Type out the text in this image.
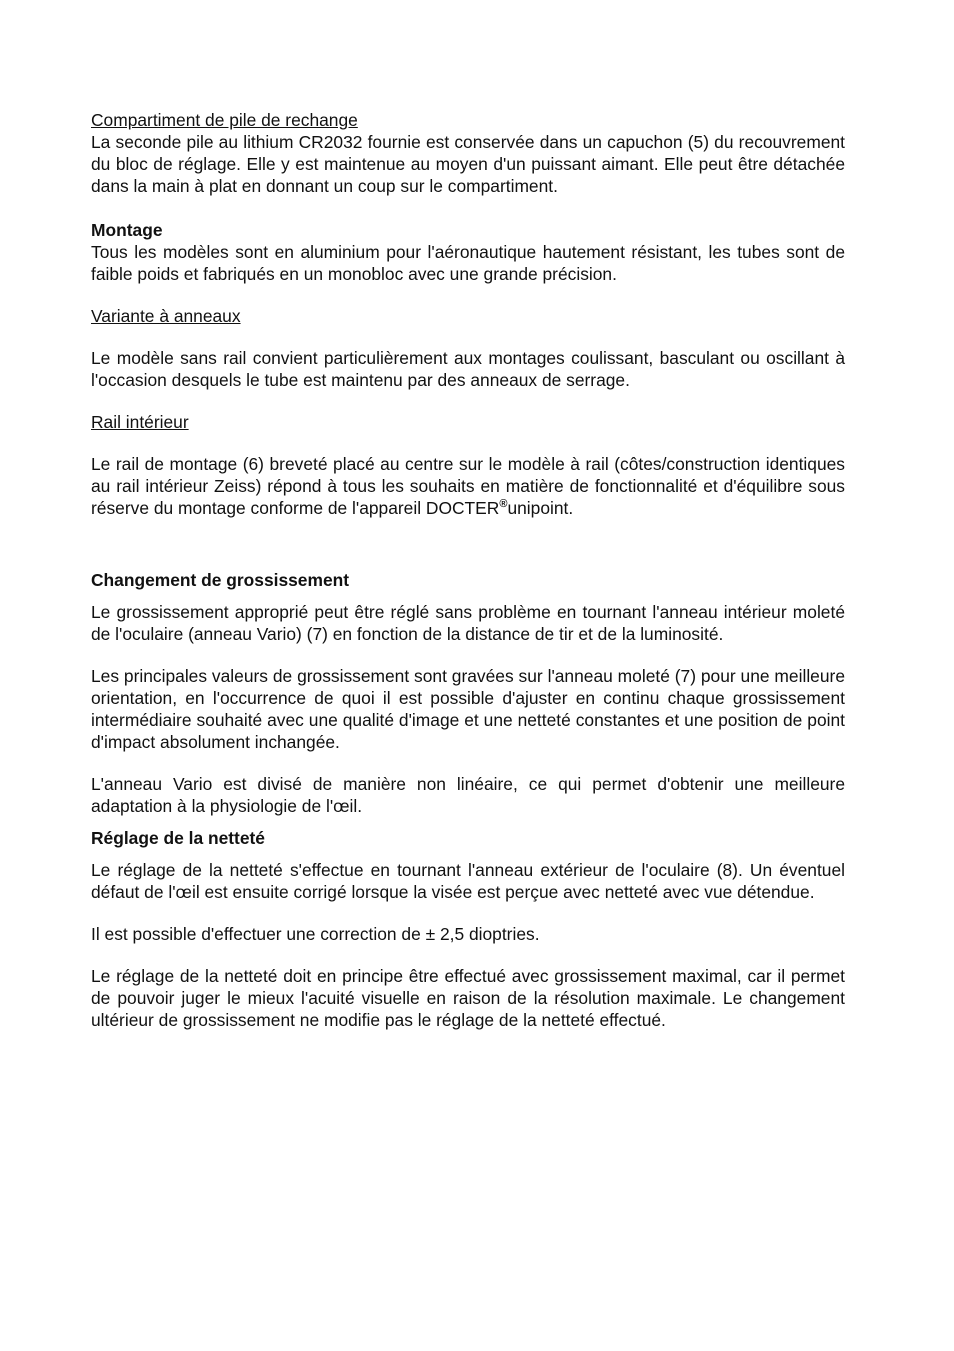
Compartiment de pile de rechange

La seconde pile au lithium CR2032 fournie est conservée dans un capuchon (5) du recouvrement du bloc de réglage. Elle y est maintenue au moyen d'un puissant aimant. Elle peut être détachée dans la main à plat en donnant un coup sur le compartiment.

Montage

Tous les modèles sont en aluminium pour l'aéronautique hautement résistant, les tubes sont de faible poids et fabriqués en un monobloc avec une grande précision.

Variante à anneaux

Le modèle sans rail convient particulièrement aux montages coulissant, basculant ou oscillant à l'occasion desquels le tube est maintenu par des anneaux de serrage.

Rail intérieur

Le rail de montage (6) breveté placé au centre sur le modèle à rail (côtes/construction identiques au rail intérieur Zeiss) répond à tous les souhaits en matière de fonctionnalité et d'équilibre sous réserve du montage conforme de l'appareil DOCTER®unipoint.

Changement de grossissement

Le grossissement approprié peut être réglé sans problème en tournant l'anneau intérieur moleté de l'oculaire (anneau Vario) (7) en fonction de la distance de tir et de la luminosité.

Les principales valeurs de grossissement sont gravées sur l'anneau moleté (7) pour une meilleure orientation, en l'occurrence de quoi il est possible d'ajuster en continu chaque grossissement intermédiaire souhaité avec une qualité d'image et une netteté constantes et une position de point d'impact absolument inchangée.

L'anneau Vario est divisé de manière non linéaire, ce qui permet d'obtenir une meilleure adaptation à la physiologie de l'œil.

Réglage de la netteté

Le réglage de la netteté s'effectue en tournant l'anneau extérieur de l'oculaire (8). Un éventuel défaut de l'œil est ensuite corrigé lorsque la visée est perçue avec netteté avec vue détendue.

Il est possible d'effectuer une correction de ± 2,5 dioptries.

Le réglage de la netteté doit en principe être effectué avec grossissement maximal, car il permet de pouvoir juger le mieux l'acuité visuelle en raison de la résolution maximale. Le changement ultérieur de grossissement ne modifie pas le réglage de la netteté effectué.
